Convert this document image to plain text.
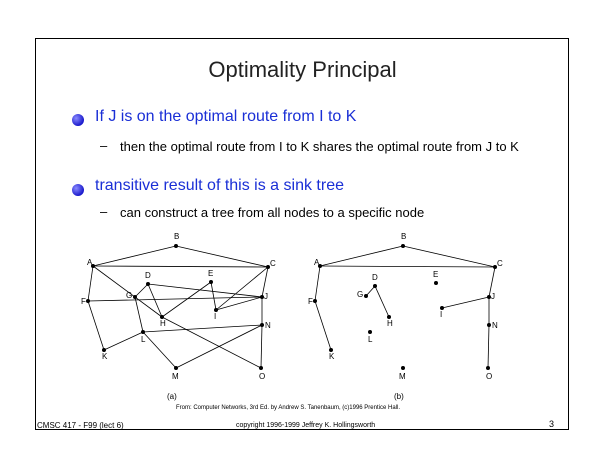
Optimality Principal
If J is on the optimal route from I to K
– then the optimal route from I to K shares the optimal route from J to K
transitive result of this is a sink tree
– can construct a tree from all nodes to a specific node
B
A	C
D	E
G
F
J
H
I
N
L
K
M	O
B
A	C
D	E
G
F
J
H
I
N
L
K
M	O
(a)	(b)
From: Computer Networks, 3rd Ed. by Andrew S. Tanenbaum, (c)1996 Prentice Hall.
CMSC 417 - F99 (lect 6)	copyright 1996-1999 Jeffrey K. Hollingsworth	3
